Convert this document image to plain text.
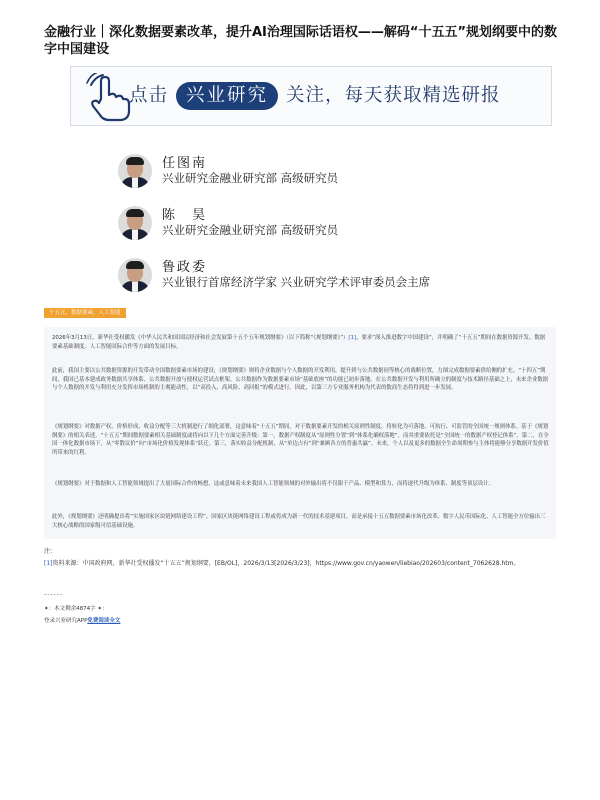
金融行业｜深化数据要素改革，提升AI治理国际话语权——解码“十五五”规划纲要中的数字中国建设
点击 兴业研究 关注，每天获取精选研报
任图南
兴业研究金融业研究部 高级研究员
陈　昊
兴业研究金融业研究部 高级研究员
鲁政委
兴业银行首席经济学家 兴业研究学术评审委员会主席
十五五，数据要素，人工智能
2026年3月13日，新华社受权播发《中华人民共和国国民经济和社会发展第十五个五年规划纲要》（以下简称“《规划纲要》”）[1]，要求“深入推进数字中国建设”，并明确了“十五五”期间在数据资源开发、数据要素基础制度、人工智能国际合作等方面的发展目标。
此前，我国主要以公共数据资源的开发带动全国数据要素市场的建设，《规划纲要》则将企业数据与个人数据的开发利用，提升到与公共数据同等核心的战略位置，力图完成数据要素供给侧的扩充。“十四五”期间，我国已基本建成政务数据共享体系、公共数据开放与授权运营试点框架、公共数据作为数据要素市场“基础底座”的功能已初步落地。在公共数据开发与利用所确立的制度与技术路径基础之上，未来企业数据与个人数据的开发与利用充分发挥市场机制的主观能动性，以“高投入、高风险、高回报”的模式进行。因此，以第三方专业服务机构为代表的数商生态将得到进一步发展。
《规划纲要》对数据产权、价格形成、收益分配等三大机制进行了细化部署，这意味着“十五五”期间，对于数据要素开发的相关原则性制度，将转化为可落地、可执行、可监管的全国统一规则体系。基于《规划纲要》的相关表述，“十五五”期间数据要素相关基础制度或将向以下几个方面完善升级：第一，数据产权制度从“原则性分置”到“体系化确权落地”，而其重要依托是“全国统一的数据产权登记体系”。第二，在全国一体化数据市场下，从“零散议价”向“市场化价格发现体系”跃迁。第三，落实收益分配机制，从“单边占有”到“兼顾各方的普惠共赢”。未来，个人以及更多的数据全生命周期参与主体将能够分享数据开发价值所带来的红利。
《规划纲要》对于数据和人工智能领域提出了大量国际合作的畅想，这或意味着未来我国人工智能领域的对外输出将不仅限于产品、模型和算力，而将逐代升级为体系、制度等顶层设计。
此外，《规划纲要》还明确提出将“实施国家区块链网络建设工程”。国家区块链网络建设工程或将成为新一代的技术基建项目，而是承接十五五数据要素市场化改革、数字人民币国际化、人工智能全方位输出三大核心战略的国家级可信基础设施。
注：
[1]资料来源：中国政府网，新华社受权播发“十五五”规划纲要，[EB/OL]，2026/3/13[2026/3/23]，https://www.gov.cn/yaowen/liebiao/202603/content_7062628.htm。
------
✦：本文剩余4874字 ✦：
登录兴业研究APP免费阅读全文
